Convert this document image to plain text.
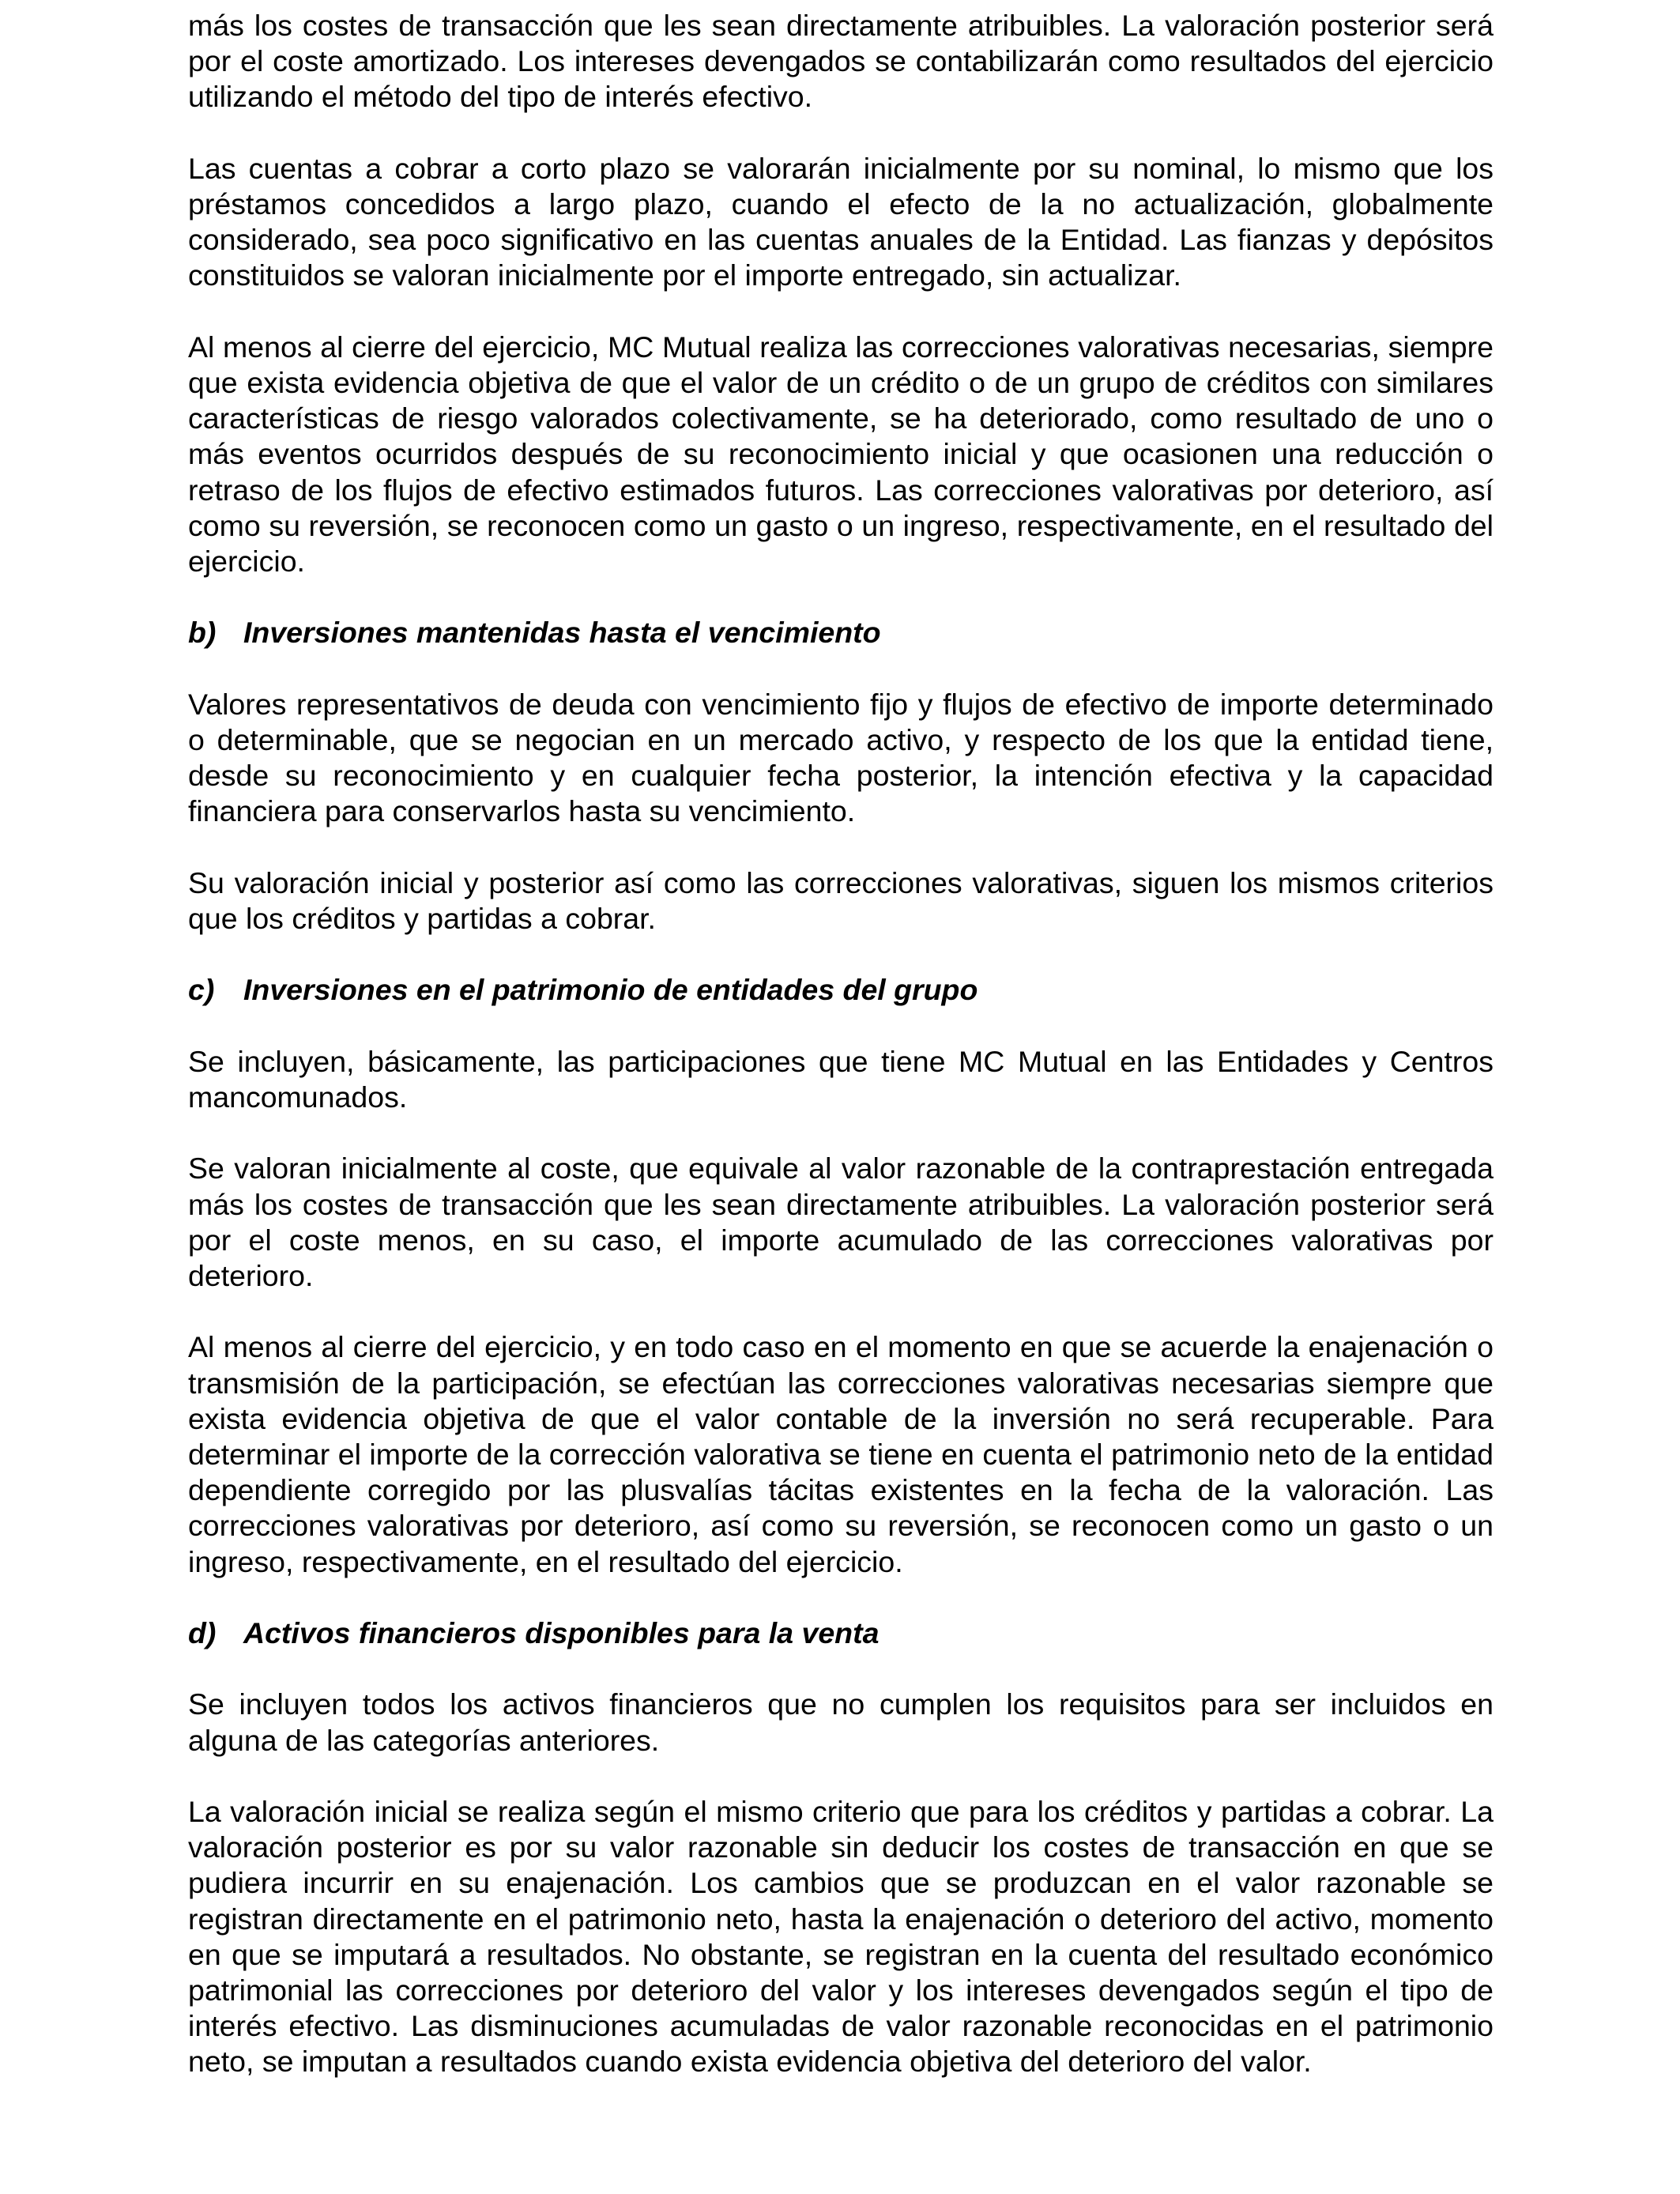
más los costes de transacción que les sean directamente atribuibles. La valoración posterior será por el coste amortizado. Los intereses devengados se contabilizarán como resultados del ejercicio utilizando el método del tipo de interés efectivo.

Las cuentas a cobrar a corto plazo se valorarán inicialmente por su nominal, lo mismo que los préstamos concedidos a largo plazo, cuando el efecto de la no actualización, globalmente considerado, sea poco significativo en las cuentas anuales de la Entidad. Las fianzas y depósitos constituidos se valoran inicialmente por el importe entregado, sin actualizar.

Al menos al cierre del ejercicio, MC Mutual realiza las correcciones valorativas necesarias, siempre que exista evidencia objetiva de que el valor de un crédito o de un grupo de créditos con similares características de riesgo valorados colectivamente, se ha deteriorado, como resultado de uno o más eventos ocurridos después de su reconocimiento inicial y que ocasionen una reducción o retraso de los flujos de efectivo estimados futuros. Las correcciones valorativas por deterioro, así como su reversión, se reconocen como un gasto o un ingreso, respectivamente, en el resultado del ejercicio.

b) Inversiones mantenidas hasta el vencimiento

Valores representativos de deuda con vencimiento fijo y flujos de efectivo de importe determinado o determinable, que se negocian en un mercado activo, y respecto de los que la entidad tiene, desde su reconocimiento y en cualquier fecha posterior, la intención efectiva y la capacidad financiera para conservarlos hasta su vencimiento.

Su valoración inicial y posterior así como las correcciones valorativas, siguen los mismos criterios que los créditos y partidas a cobrar.

c) Inversiones en el patrimonio de entidades del grupo

Se incluyen, básicamente, las participaciones que tiene MC Mutual en las Entidades y Centros mancomunados.

Se valoran inicialmente al coste, que equivale al valor razonable de la contraprestación entregada más los costes de transacción que les sean directamente atribuibles. La valoración posterior será por el coste menos, en su caso, el importe acumulado de las correcciones valorativas por deterioro.

Al menos al cierre del ejercicio, y en todo caso en el momento en que se acuerde la enajenación o transmisión de la participación, se efectúan las correcciones valorativas necesarias siempre que exista evidencia objetiva de que el valor contable de la inversión no será recuperable. Para determinar el importe de la corrección valorativa se tiene en cuenta el patrimonio neto de la entidad dependiente corregido por las plusvalías tácitas existentes en la fecha de la valoración. Las correcciones valorativas por deterioro, así como su reversión, se reconocen como un gasto o un ingreso, respectivamente, en el resultado del ejercicio.

d) Activos financieros disponibles para la venta

Se incluyen todos los activos financieros que no cumplen los requisitos para ser incluidos en alguna de las categorías anteriores.

La valoración inicial se realiza según el mismo criterio que para los créditos y partidas a cobrar. La valoración posterior es por su valor razonable sin deducir los costes de transacción en que se pudiera incurrir en su enajenación. Los cambios que se produzcan en el valor razonable se registran directamente en el patrimonio neto, hasta la enajenación o deterioro del activo, momento en que se imputará a resultados. No obstante, se registran en la cuenta del resultado económico patrimonial las correcciones por deterioro del valor y los intereses devengados según el tipo de interés efectivo. Las disminuciones acumuladas de valor razonable reconocidas en el patrimonio neto, se imputan a resultados cuando exista evidencia objetiva del deterioro del valor.
